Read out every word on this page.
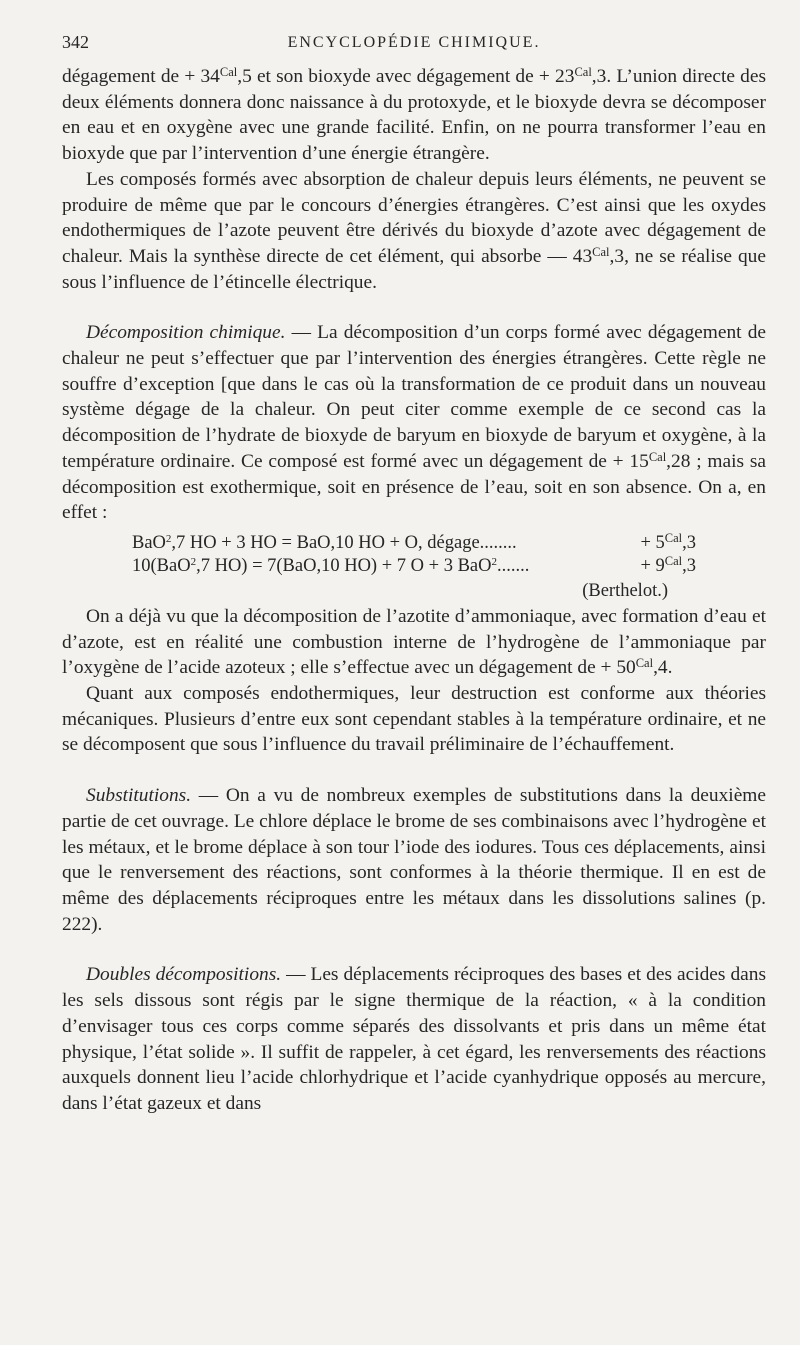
342	ENCYCLOPÉDIE CHIMIQUE.

dégagement de + $34^{Cal},5$ et son bioxyde avec dégagement de + $23^{Cal},3$. L’union directe des deux éléments donnera donc naissance à du protoxyde, et le bioxyde devra se décomposer en eau et en oxygène avec une grande facilité. Enfin, on ne pourra transformer l’eau en bioxyde que par l’intervention d’une énergie étrangère.

Les composés formés avec absorption de chaleur depuis leurs éléments, ne peuvent se produire de même que par le concours d’énergies étrangères. C’est ainsi que les oxydes endothermiques de l’azote peuvent être dérivés du bioxyde d’azote avec dégagement de chaleur. Mais la synthèse directe de cet élément, qui absorbe — $43^{Cal},3$, ne se réalise que sous l’influence de l’étincelle électrique.

Décomposition chimique. — La décomposition d’un corps formé avec dégagement de chaleur ne peut s’effectuer que par l’intervention des énergies étrangères. Cette règle ne souffre d’exception [que dans le cas où la transformation de ce produit dans un nouveau système dégage de la chaleur. On peut citer comme exemple de ce second cas la décomposition de l’hydrate de bioxyde de baryum en bioxyde de baryum et oxygène, à la température ordinaire. Ce composé est formé avec un dégagement de + $15^{Cal},28$ ; mais sa décomposition est exothermique, soit en présence de l’eau, soit en son absence. On a, en effet :

BaO$^2$,7 HO + 3 HO = BaO,10 HO + O, dégage........	+ $5^{Cal},3$
10(BaO$^2$,7 HO) = 7(BaO,10 HO) + 7 O + 3 BaO$^2$.......	+ $9^{Cal},3$
(Berthelot.)

On a déjà vu que la décomposition de l’azotite d’ammoniaque, avec formation d’eau et d’azote, est en réalité une combustion interne de l’hydrogène de l’ammoniaque par l’oxygène de l’acide azoteux ; elle s’effectue avec un dégagement de + $50^{Cal},4$.

Quant aux composés endothermiques, leur destruction est conforme aux théories mécaniques. Plusieurs d’entre eux sont cependant stables à la température ordinaire, et ne se décomposent que sous l’influence du travail préliminaire de l’échauffement.

Substitutions. — On a vu de nombreux exemples de substitutions dans la deuxième partie de cet ouvrage. Le chlore déplace le brome de ses combinaisons avec l’hydrogène et les métaux, et le brome déplace à son tour l’iode des iodures. Tous ces déplacements, ainsi que le renversement des réactions, sont conformes à la théorie thermique. Il en est de même des déplacements réciproques entre les métaux dans les dissolutions salines (p. 222).

Doubles décompositions. — Les déplacements réciproques des bases et des acides dans les sels dissous sont régis par le signe thermique de la réaction, « à la condition d’envisager tous ces corps comme séparés des dissolvants et pris dans un même état physique, l’état solide ». Il suffit de rappeler, à cet égard, les renversements des réactions auxquels donnent lieu l’acide chlorhydrique et l’acide cyanhydrique opposés au mercure, dans l’état gazeux et dans
